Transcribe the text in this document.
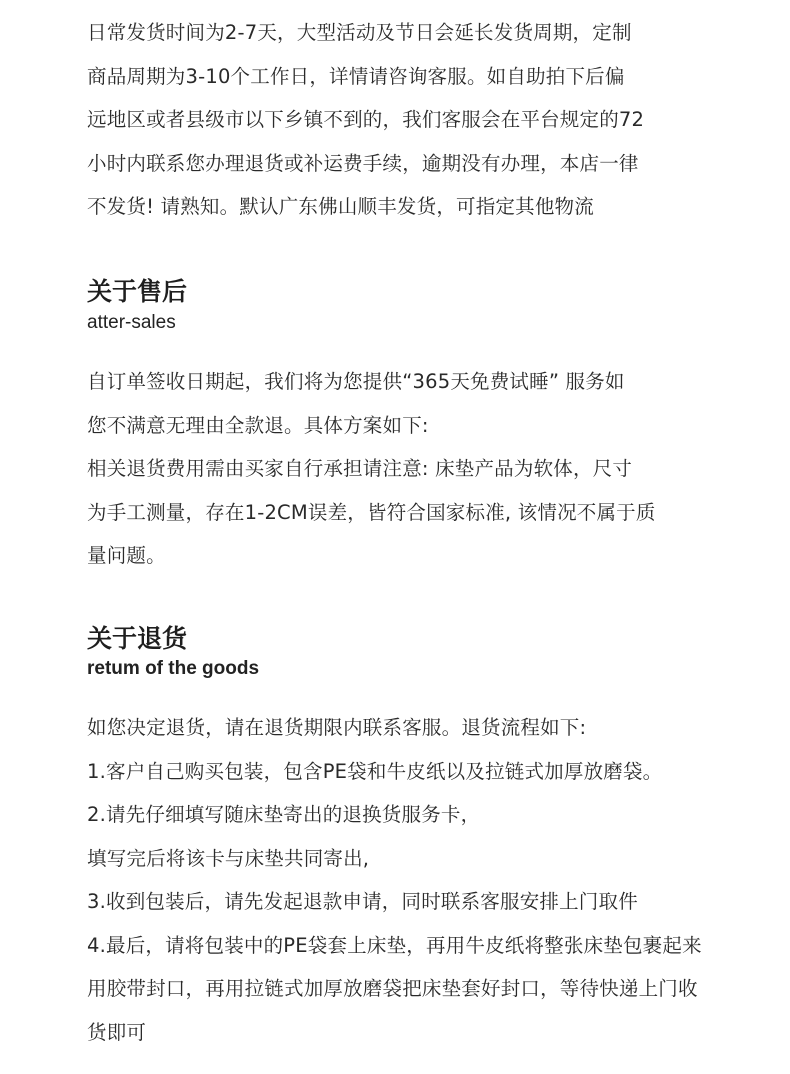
日常发货时间为2-7天，大型活动及节日会延长发货周期，定制
商品周期为3-10个工作日，详情请咨询客服。如自助拍下后偏
远地区或者县级市以下乡镇不到的，我们客服会在平台规定的72
小时内联系您办理退货或补运费手续，逾期没有办理，本店一律
不发货! 请熟知。默认广东佛山顺丰发货，可指定其他物流
关于售后
atter-sales
自订单签收日期起，我们将为您提供“365天免费试睡” 服务如
您不满意无理由全款退。具体方案如下:
相关退货费用需由买家自行承担请注意: 床垫产品为软体，尺寸
为手工测量，存在1-2CM误差，皆符合国家标准, 该情况不属于质
量问题。
关于退货
retum of the goods
如您决定退货，请在退货期限内联系客服。退货流程如下:
1.客户自己购买包装，包含PE袋和牛皮纸以及拉链式加厚放磨袋。
2.请先仔细填写随床垫寄出的退换货服务卡，
填写完后将该卡与床垫共同寄出,
3.收到包装后，请先发起退款申请，同时联系客服安排上门取件
4.最后，请将包装中的PE袋套上床垫，再用牛皮纸将整张床垫包裹起来
用胶带封口，再用拉链式加厚放磨袋把床垫套好封口，等待快递上门收
货即可
